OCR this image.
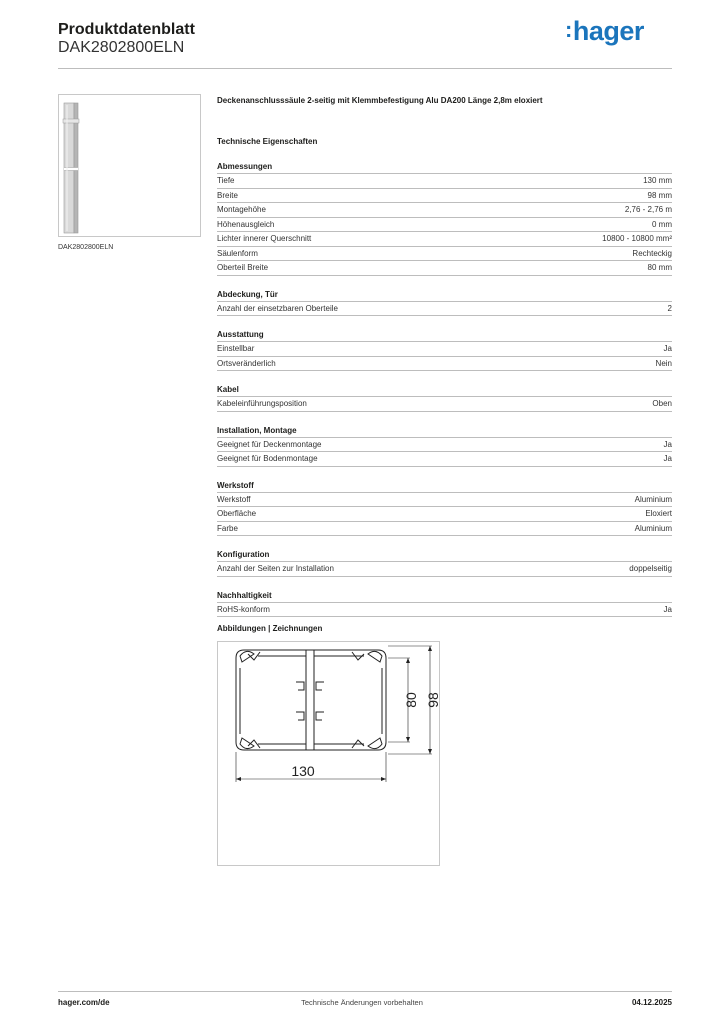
Produktdatenblatt
DAK2802800ELN
:hager
DAK2802800ELN
Deckenanschlusssäule 2-seitig mit Klemmbefestigung Alu DA200 Länge 2,8m eloxiert
Technische Eigenschaften
Abmessungen
Tiefe	130 mm
Breite	98 mm
Montagehöhe	2,76 - 2,76 m
Höhenausgleich	0 mm
Lichter innerer Querschnitt	10800 - 10800 mm²
Säulenform	Rechteckig
Oberteil Breite	80 mm
Abdeckung, Tür
Anzahl der einsetzbaren Oberteile	2
Ausstattung
Einstellbar	Ja
Ortsveränderlich	Nein
Kabel
Kabeleinführungsposition	Oben
Installation, Montage
Geeignet für Deckenmontage	Ja
Geeignet für Bodenmontage	Ja
Werkstoff
Werkstoff	Aluminium
Oberfläche	Eloxiert
Farbe	Aluminium
Konfiguration
Anzahl der Seiten zur Installation	doppelseitig
Nachhaltigkeit
RoHS-konform	Ja
Abbildungen | Zeichnungen
130
80 98
hager.com/de	Technische Änderungen vorbehalten	04.12.2025
